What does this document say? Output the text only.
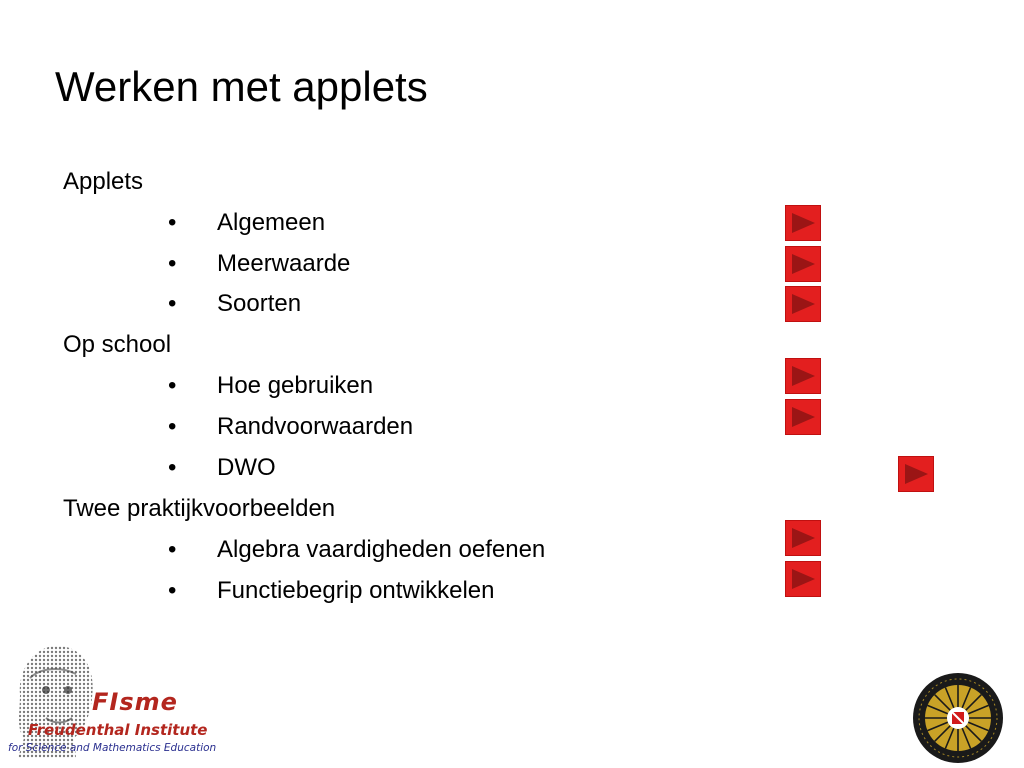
Werken met applets
Applets
• Algemeen
• Meerwaarde
• Soorten
Op school
• Hoe gebruiken
• Randvoorwaarden
• DWO
Twee praktijkvoorbeelden
• Algebra vaardigheden oefenen
• Functiebegrip ontwikkelen
FIsme
Freudenthal Institute
for Science and Mathematics Education
